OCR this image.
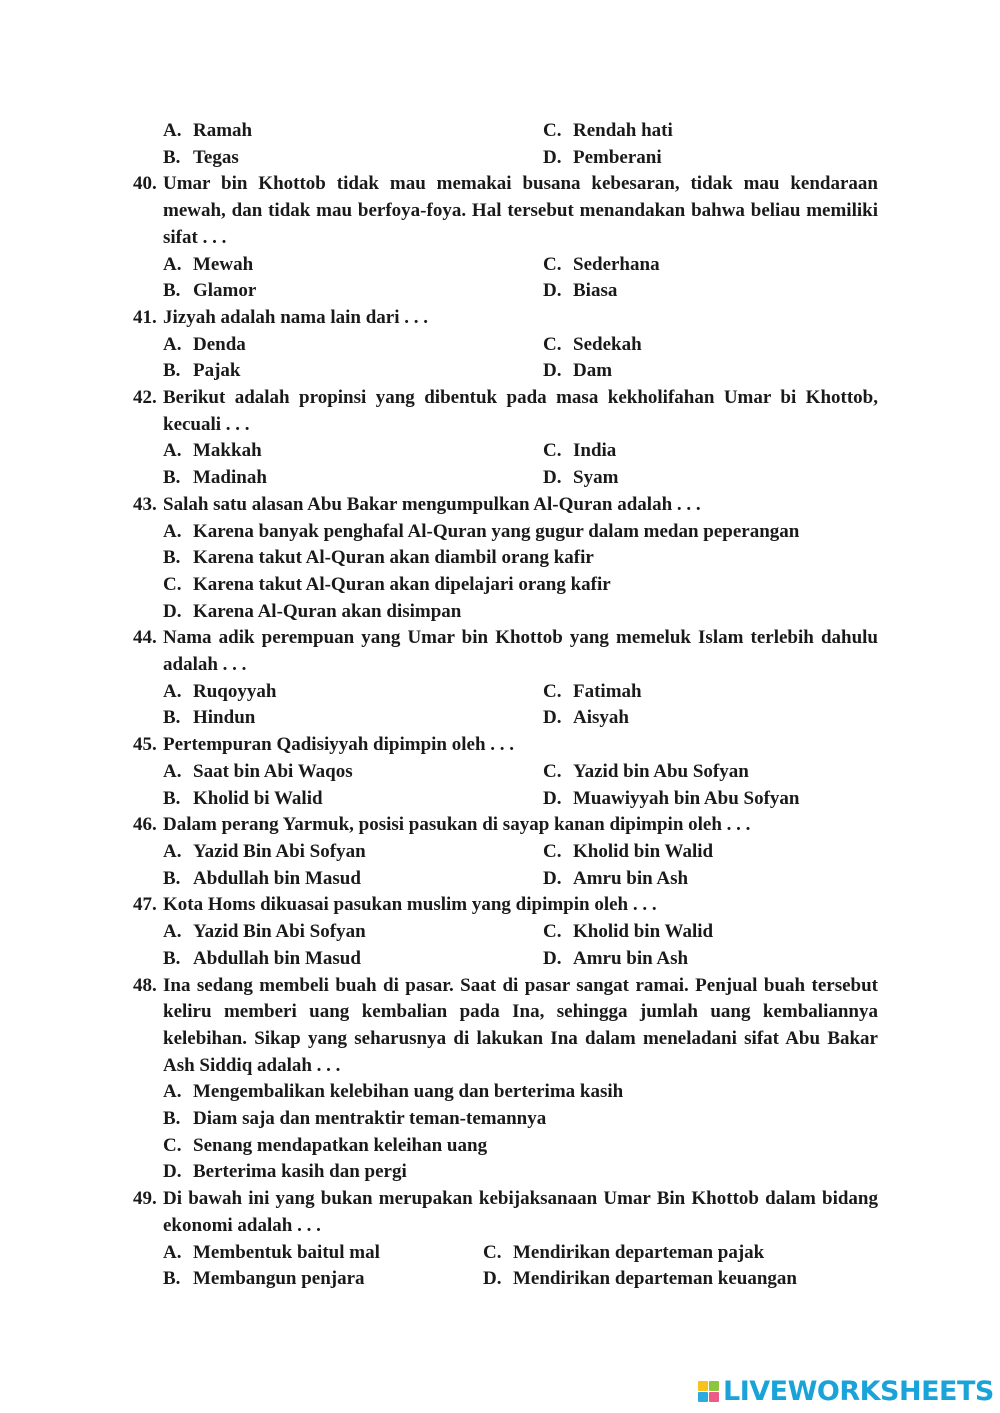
A. Ramah	C. Rendah hati
B. Tegas	D. Pemberani
40. Umar bin Khottob tidak mau memakai busana kebesaran, tidak mau kendaraan mewah, dan tidak mau berfoya-foya. Hal tersebut menandakan bahwa beliau memiliki sifat . . .
A. Mewah	C. Sederhana
B. Glamor	D. Biasa
41. Jizyah adalah nama lain dari . . .
A. Denda	C. Sedekah
B. Pajak	D. Dam
42. Berikut adalah propinsi yang dibentuk pada masa kekholifahan Umar bi Khottob, kecuali . . .
A. Makkah	C. India
B. Madinah	D. Syam
43. Salah satu alasan Abu Bakar mengumpulkan Al-Quran adalah . . .
A. Karena banyak penghafal Al-Quran yang gugur dalam medan peperangan
B. Karena takut Al-Quran akan diambil orang kafir
C. Karena takut Al-Quran akan dipelajari orang kafir
D. Karena Al-Quran akan disimpan
44. Nama adik perempuan yang Umar bin Khottob yang memeluk Islam terlebih dahulu adalah . . .
A. Ruqoyyah	C. Fatimah
B. Hindun	D. Aisyah
45. Pertempuran Qadisiyyah dipimpin oleh . . .
A. Saat bin Abi Waqos	C. Yazid bin Abu Sofyan
B. Kholid bi Walid	D. Muawiyyah bin Abu Sofyan
46. Dalam perang Yarmuk, posisi pasukan di sayap kanan dipimpin oleh . . .
A. Yazid Bin Abi Sofyan	C. Kholid bin Walid
B. Abdullah bin Masud	D. Amru bin Ash
47. Kota Homs dikuasai pasukan muslim yang dipimpin oleh . . .
A. Yazid Bin Abi Sofyan	C. Kholid bin Walid
B. Abdullah bin Masud	D. Amru bin Ash
48. Ina sedang membeli buah di pasar. Saat di pasar sangat ramai. Penjual buah tersebut keliru memberi uang kembalian pada Ina, sehingga jumlah uang kembaliannya kelebihan. Sikap yang seharusnya di lakukan Ina dalam meneladani sifat Abu Bakar Ash Siddiq adalah . . .
A. Mengembalikan kelebihan uang dan berterima kasih
B. Diam saja dan mentraktir teman-temannya
C. Senang mendapatkan keleihan uang
D. Berterima kasih dan pergi
49. Di bawah ini yang bukan merupakan kebijaksanaan Umar Bin Khottob dalam bidang ekonomi adalah . . .
A. Membentuk baitul mal	C. Mendirikan departeman pajak
B. Membangun penjara	D. Mendirikan departeman keuangan
LIVEWORKSHEETS
